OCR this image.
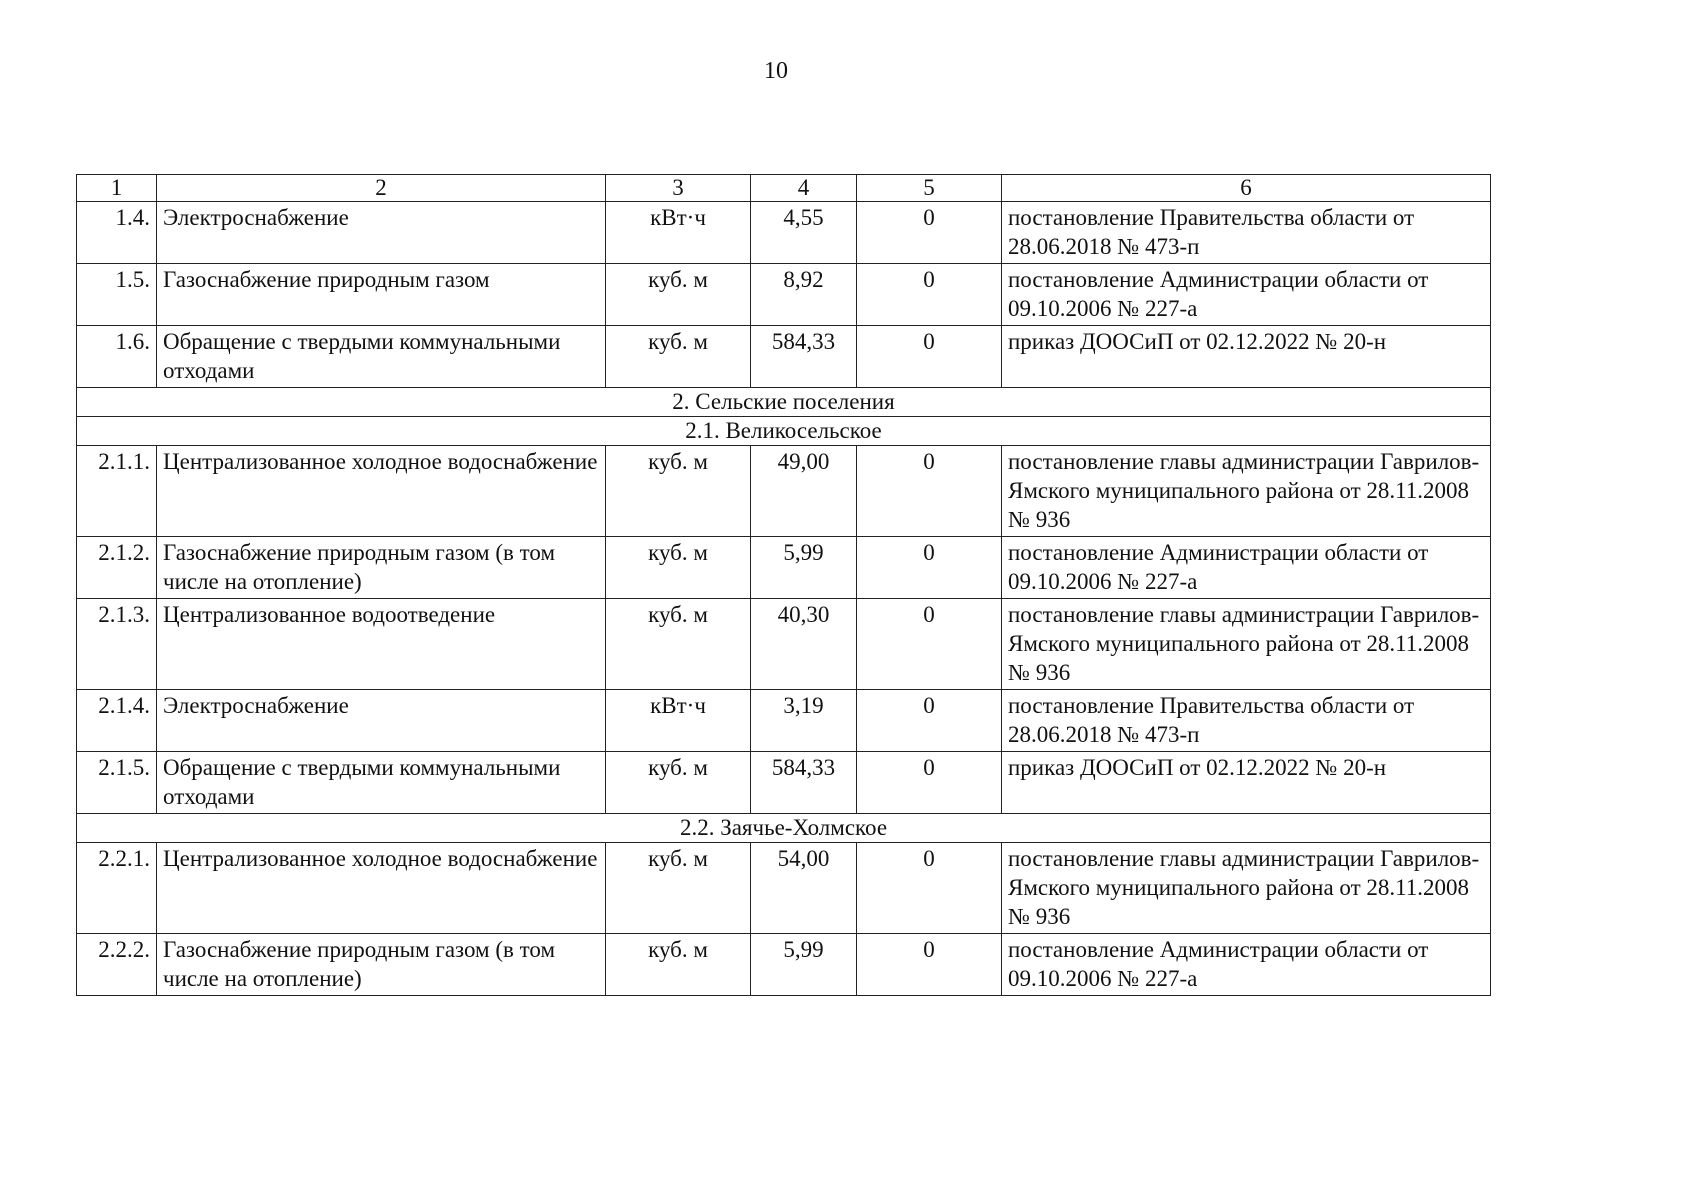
10
1	2	3	4	5	6
1.4.	Электроснабжение	кВт·ч	4,55	0	постановление Правительства области от 28.06.2018 № 473-п
1.5.	Газоснабжение природным газом	куб. м	8,92	0	постановление Администрации области от 09.10.2006 № 227-а
1.6.	Обращение с твердыми коммунальными отходами	куб. м	584,33	0	приказ ДООСиП от 02.12.2022 № 20-н
2. Сельские поселения					
2.1. Великосельское					
2.1.1.	Централизованное холодное водоснабжение	куб. м	49,00	0	постановление главы администрации Гаврилов-Ямского муниципального района от 28.11.2008 № 936
2.1.2.	Газоснабжение природным газом (в том числе на отопление)	куб. м	5,99	0	постановление Администрации области от 09.10.2006 № 227-а
2.1.3.	Централизованное водоотведение	куб. м	40,30	0	постановление главы администрации Гаврилов-Ямского муниципального района от 28.11.2008 № 936
2.1.4.	Электроснабжение	кВт·ч	3,19	0	постановление Правительства области от 28.06.2018 № 473-п
2.1.5.	Обращение с твердыми коммунальными отходами	куб. м	584,33	0	приказ ДООСиП от 02.12.2022 № 20-н
2.2. Заячье-Холмское					
2.2.1.	Централизованное холодное водоснабжение	куб. м	54,00	0	постановление главы администрации Гаврилов-Ямского муниципального района от 28.11.2008 № 936
2.2.2.	Газоснабжение природным газом (в том числе на отопление)	куб. м	5,99	0	постановление Администрации области от 09.10.2006 № 227-а
